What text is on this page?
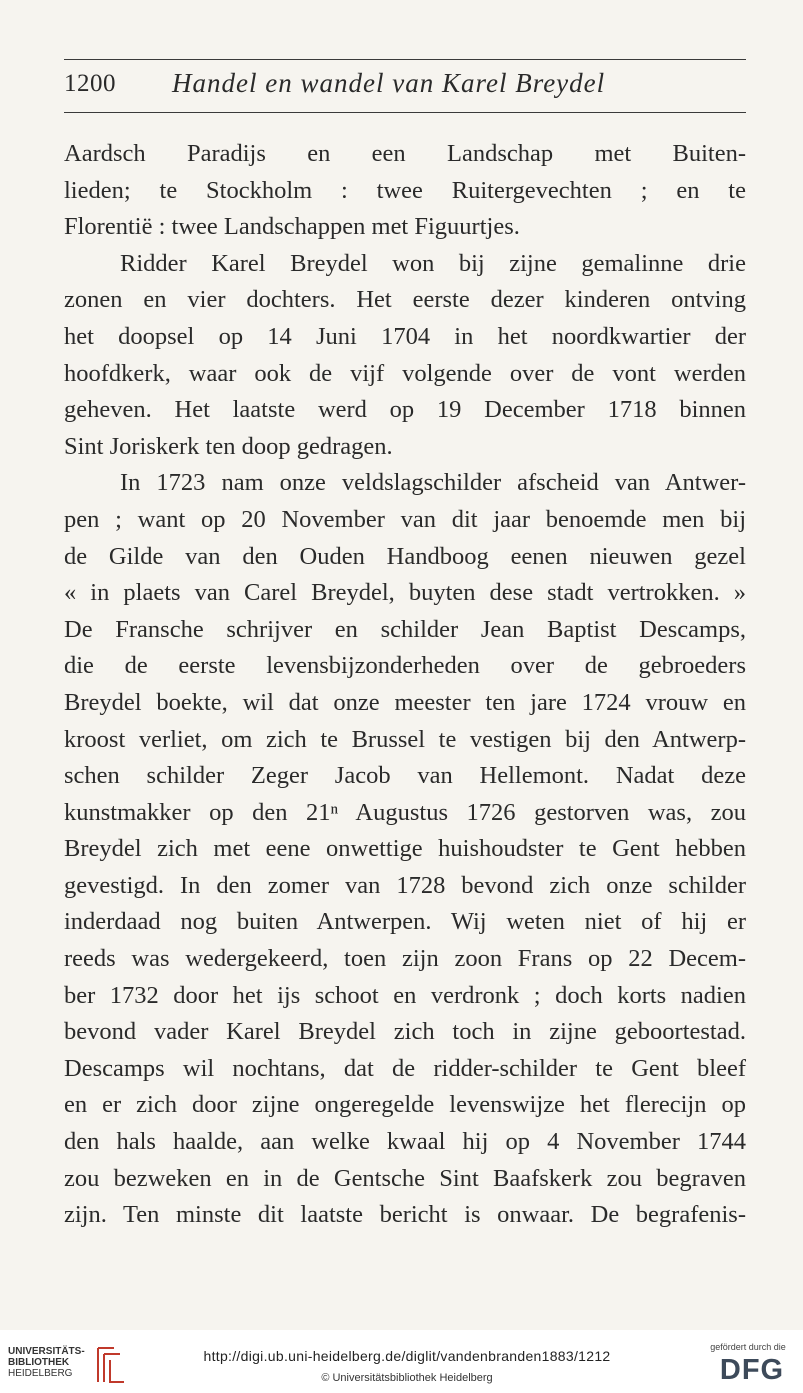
1200 Handel en wandel van Karel Breydel
Aardsch Paradijs en een Landschap met Buiten-
lieden; te Stockholm : twee Ruitergevechten ; en te
Florentië : twee Landschappen met Figuurtjes.
Ridder Karel Breydel won bij zijne gemalinne drie
zonen en vier dochters. Het eerste dezer kinderen ontving
het doopsel op 14 Juni 1704 in het noordkwartier der
hoofdkerk, waar ook de vijf volgende over de vont werden
geheven. Het laatste werd op 19 December 1718 binnen
Sint Joriskerk ten doop gedragen.
In 1723 nam onze veldslagschilder afscheid van Antwer-
pen ; want op 20 November van dit jaar benoemde men bij
de Gilde van den Ouden Handboog eenen nieuwen gezel
« in plaets van Carel Breydel, buyten dese stadt vertrokken. »
De Fransche schrijver en schilder Jean Baptist Descamps,
die de eerste levensbijzonderheden over de gebroeders
Breydel boekte, wil dat onze meester ten jare 1724 vrouw en
kroost verliet, om zich te Brussel te vestigen bij den Antwerp-
schen schilder Zeger Jacob van Hellemont. Nadat deze
kunstmakker op den 21ⁿ Augustus 1726 gestorven was, zou
Breydel zich met eene onwettige huishoudster te Gent hebben
gevestigd. In den zomer van 1728 bevond zich onze schilder
inderdaad nog buiten Antwerpen. Wij weten niet of hij er
reeds was wedergekeerd, toen zijn zoon Frans op 22 Decem-
ber 1732 door het ijs schoot en verdronk ; doch korts nadien
bevond vader Karel Breydel zich toch in zijne geboortestad.
Descamps wil nochtans, dat de ridder-schilder te Gent bleef
en er zich door zijne ongeregelde levenswijze het flerecijn op
den hals haalde, aan welke kwaal hij op 4 November 1744
zou bezweken en in de Gentsche Sint Baafskerk zou begraven
zijn. Ten minste dit laatste bericht is onwaar. De begrafenis-
UNIVERSITÄTS-
BIBLIOTHEK
HEIDELBERG
http://digi.ub.uni-heidelberg.de/diglit/vandenbranden1883/1212
© Universitätsbibliothek Heidelberg
gefördert durch die
DFG
